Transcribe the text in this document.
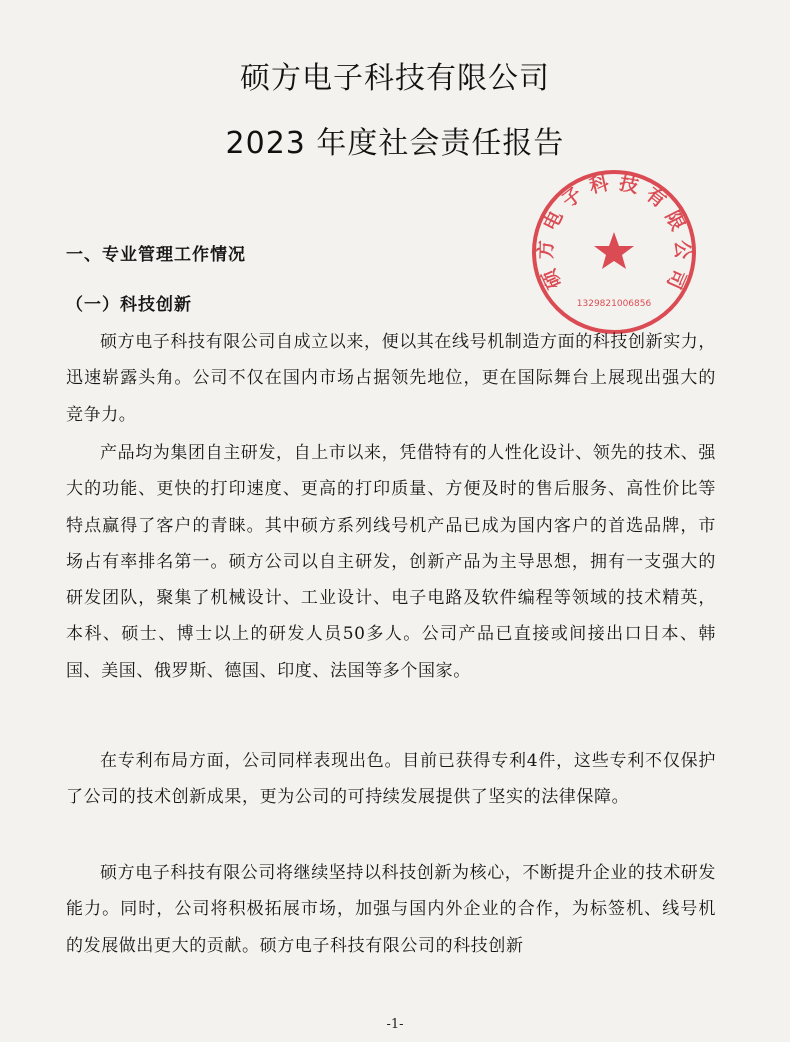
硕方电子科技有限公司
2023 年度社会责任报告
硕方电子科技有限公司
1329821006856
一、专业管理工作情况
（一）科技创新

硕方电子科技有限公司自成立以来，便以其在线号机制造方面的科技创新实力，迅速崭露头角。公司不仅在国内市场占据领先地位，更在国际舞台上展现出强大的竞争力。

产品均为集团自主研发，自上市以来，凭借特有的人性化设计、领先的技术、强大的功能、更快的打印速度、更高的打印质量、方便及时的售后服务、高性价比等特点赢得了客户的青睐。其中硕方系列线号机产品已成为国内客户的首选品牌，市场占有率排名第一。硕方公司以自主研发，创新产品为主导思想，拥有一支强大的研发团队，聚集了机械设计、工业设计、电子电路及软件编程等领域的技术精英，本科、硕士、博士以上的研发人员50多人。公司产品已直接或间接出口日本、韩国、美国、俄罗斯、德国、印度、法国等多个国家。

在专利布局方面，公司同样表现出色。目前已获得专利4件，这些专利不仅保护了公司的技术创新成果，更为公司的可持续发展提供了坚实的法律保障。

硕方电子科技有限公司将继续坚持以科技创新为核心，不断提升企业的技术研发能力。同时，公司将积极拓展市场，加强与国内外企业的合作，为标签机、线号机的发展做出更大的贡献。硕方电子科技有限公司的科技创新

-1-
